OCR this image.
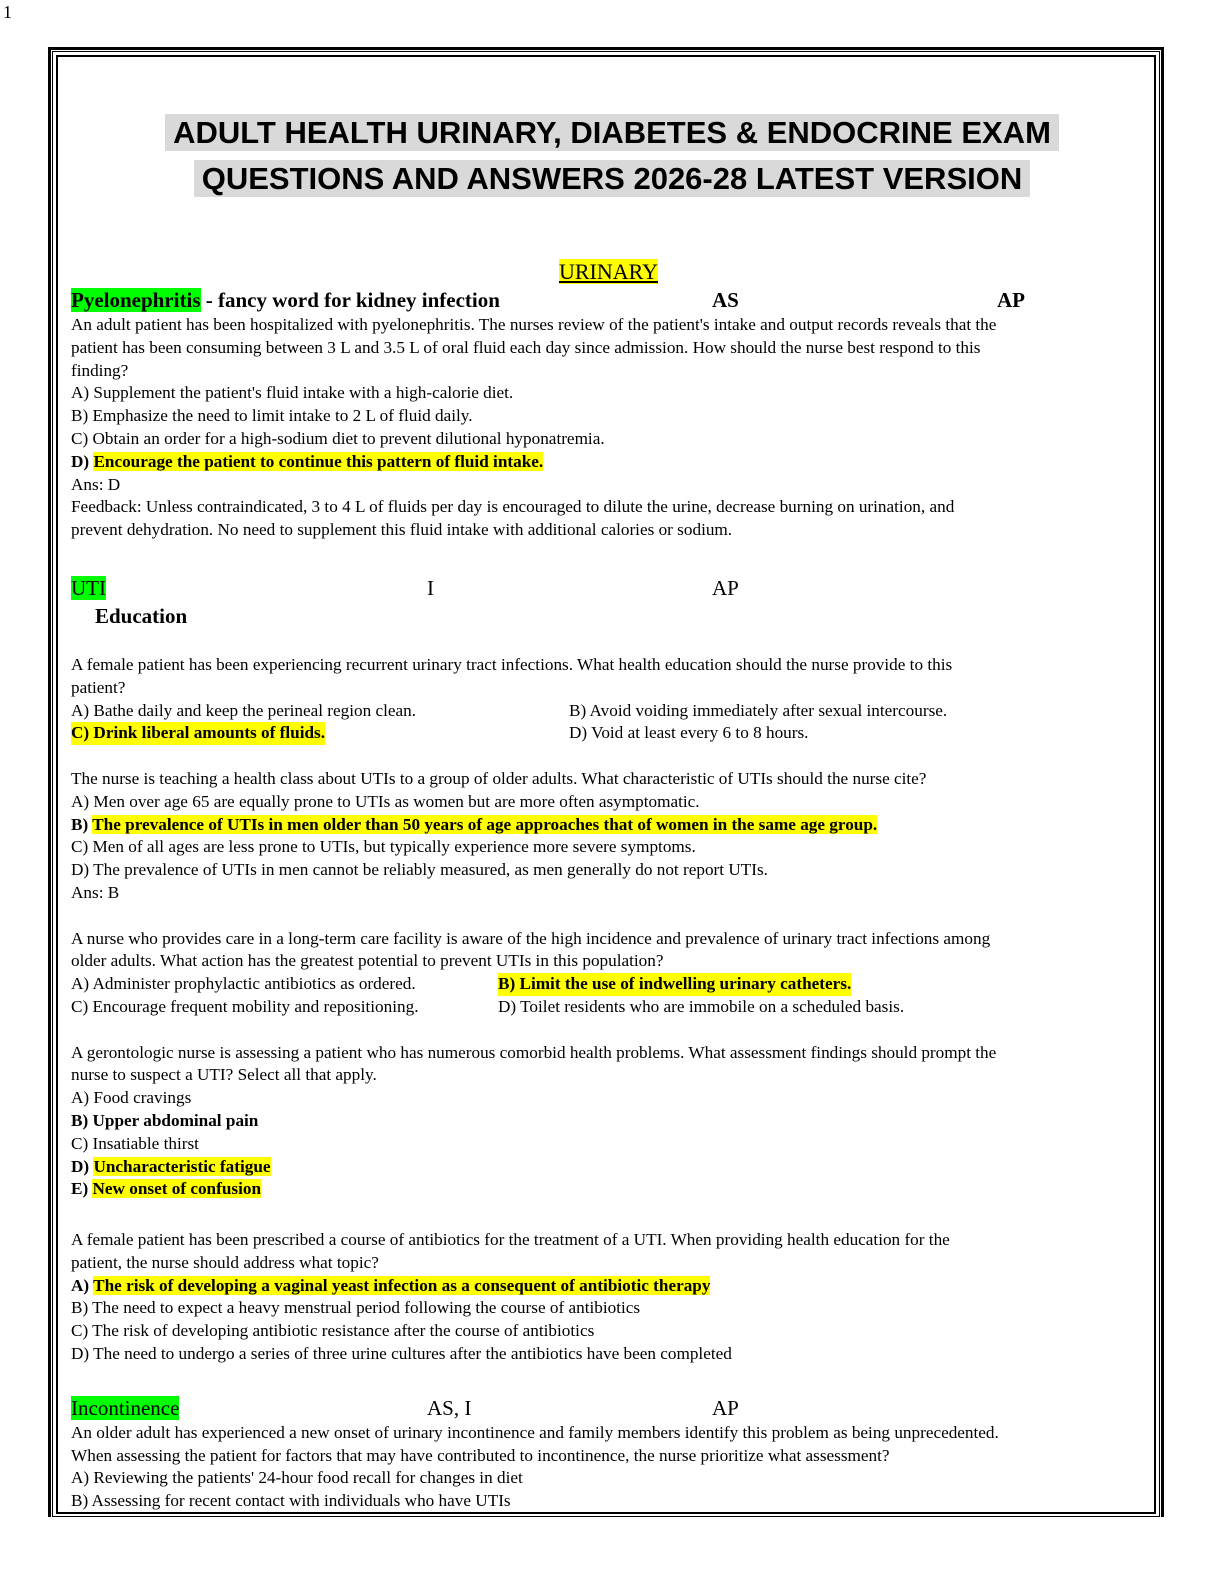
1
ADULT HEALTH URINARY, DIABETES & ENDOCRINE EXAM
QUESTIONS AND ANSWERS 2026-28 LATEST VERSION

URINARY

Pyelonephritis - fancy word for kidney infection	AS	AP

An adult patient has been hospitalized with pyelonephritis. The nurses review of the patient's intake and output records reveals that the

patient has been consuming between 3 L and 3.5 L of oral fluid each day since admission. How should the nurse best respond to this

finding?

A) Supplement the patient's fluid intake with a high-calorie diet.

B) Emphasize the need to limit intake to 2 L of fluid daily.

C) Obtain an order for a high-sodium diet to prevent dilutional hyponatremia.

D) Encourage the patient to continue this pattern of fluid intake.

Ans: D

Feedback: Unless contraindicated, 3 to 4 L of fluids per day is encouraged to dilute the urine, decrease burning on urination, and

prevent dehydration. No need to supplement this fluid intake with additional calories or sodium.

UTI	I	AP

Education

A female patient has been experiencing recurrent urinary tract infections. What health education should the nurse provide to this

patient?

A) Bathe daily and keep the perineal region clean.	B) Avoid voiding immediately after sexual intercourse.
C) Drink liberal amounts of fluids.	D) Void at least every 6 to 8 hours.

The nurse is teaching a health class about UTIs to a group of older adults. What characteristic of UTIs should the nurse cite?

A) Men over age 65 are equally prone to UTIs as women but are more often asymptomatic.

B) The prevalence of UTIs in men older than 50 years of age approaches that of women in the same age group.

C) Men of all ages are less prone to UTIs, but typically experience more severe symptoms.

D) The prevalence of UTIs in men cannot be reliably measured, as men generally do not report UTIs.

Ans: B

A nurse who provides care in a long-term care facility is aware of the high incidence and prevalence of urinary tract infections among

older adults. What action has the greatest potential to prevent UTIs in this population?

A) Administer prophylactic antibiotics as ordered.	B) Limit the use of indwelling urinary catheters.
C) Encourage frequent mobility and repositioning.	D) Toilet residents who are immobile on a scheduled basis.

A gerontologic nurse is assessing a patient who has numerous comorbid health problems. What assessment findings should prompt the

nurse to suspect a UTI? Select all that apply.

A) Food cravings

B) Upper abdominal pain

C) Insatiable thirst

D) Uncharacteristic fatigue

E) New onset of confusion

A female patient has been prescribed a course of antibiotics for the treatment of a UTI. When providing health education for the

patient, the nurse should address what topic?

A) The risk of developing a vaginal yeast infection as a consequent of antibiotic therapy

B) The need to expect a heavy menstrual period following the course of antibiotics

C) The risk of developing antibiotic resistance after the course of antibiotics

D) The need to undergo a series of three urine cultures after the antibiotics have been completed

Incontinence	AS, I	AP

An older adult has experienced a new onset of urinary incontinence and family members identify this problem as being unprecedented.

When assessing the patient for factors that may have contributed to incontinence, the nurse prioritize what assessment?

A) Reviewing the patients' 24-hour food recall for changes in diet

B) Assessing for recent contact with individuals who have UTIs
